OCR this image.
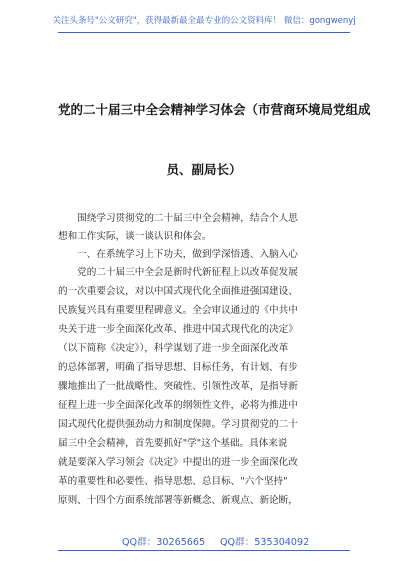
关注头条号"公文研究"，获得最新最全最专业的公文资料库！ 微信：gongwenyj
党的二十届三中全会精神学习体会（市营商环境局党组成
员、副局长）
　　围绕学习贯彻党的二十届三中全会精神，结合个人思
想和工作实际，谈一谈认识和体会。
　　一、在系统学习上下功夫，做到学深悟透、入脑入心
　　党的二十届三中全会是新时代新征程上以改革促发展
的一次重要会议，对以中国式现代化全面推进强国建设、
民族复兴具有重要里程碑意义。全会审议通过的《中共中
央关于进一步全面深化改革、推进中国式现代化的决定》
（以下简称《决定》），科学谋划了进一步全面深化改革
的总体部署，明确了指导思想、目标任务，有计划、有步
骤地推出了一批战略性、突破性、引领性改革，是指导新
征程上进一步全面深化改革的纲领性文件，必将为推进中
国式现代化提供强劲动力和制度保障。学习贯彻党的二十
届三中全会精神，首先要抓好"学"这个基础。具体来说
就是要深入学习领会《决定》中提出的进一步全面深化改
革的重要性和必要性、指导思想、总目标、"六个坚持"
原则、十四个方面系统部署等新概念、新观点、新论断，
QQ群：30265665 QQ群：535304092
